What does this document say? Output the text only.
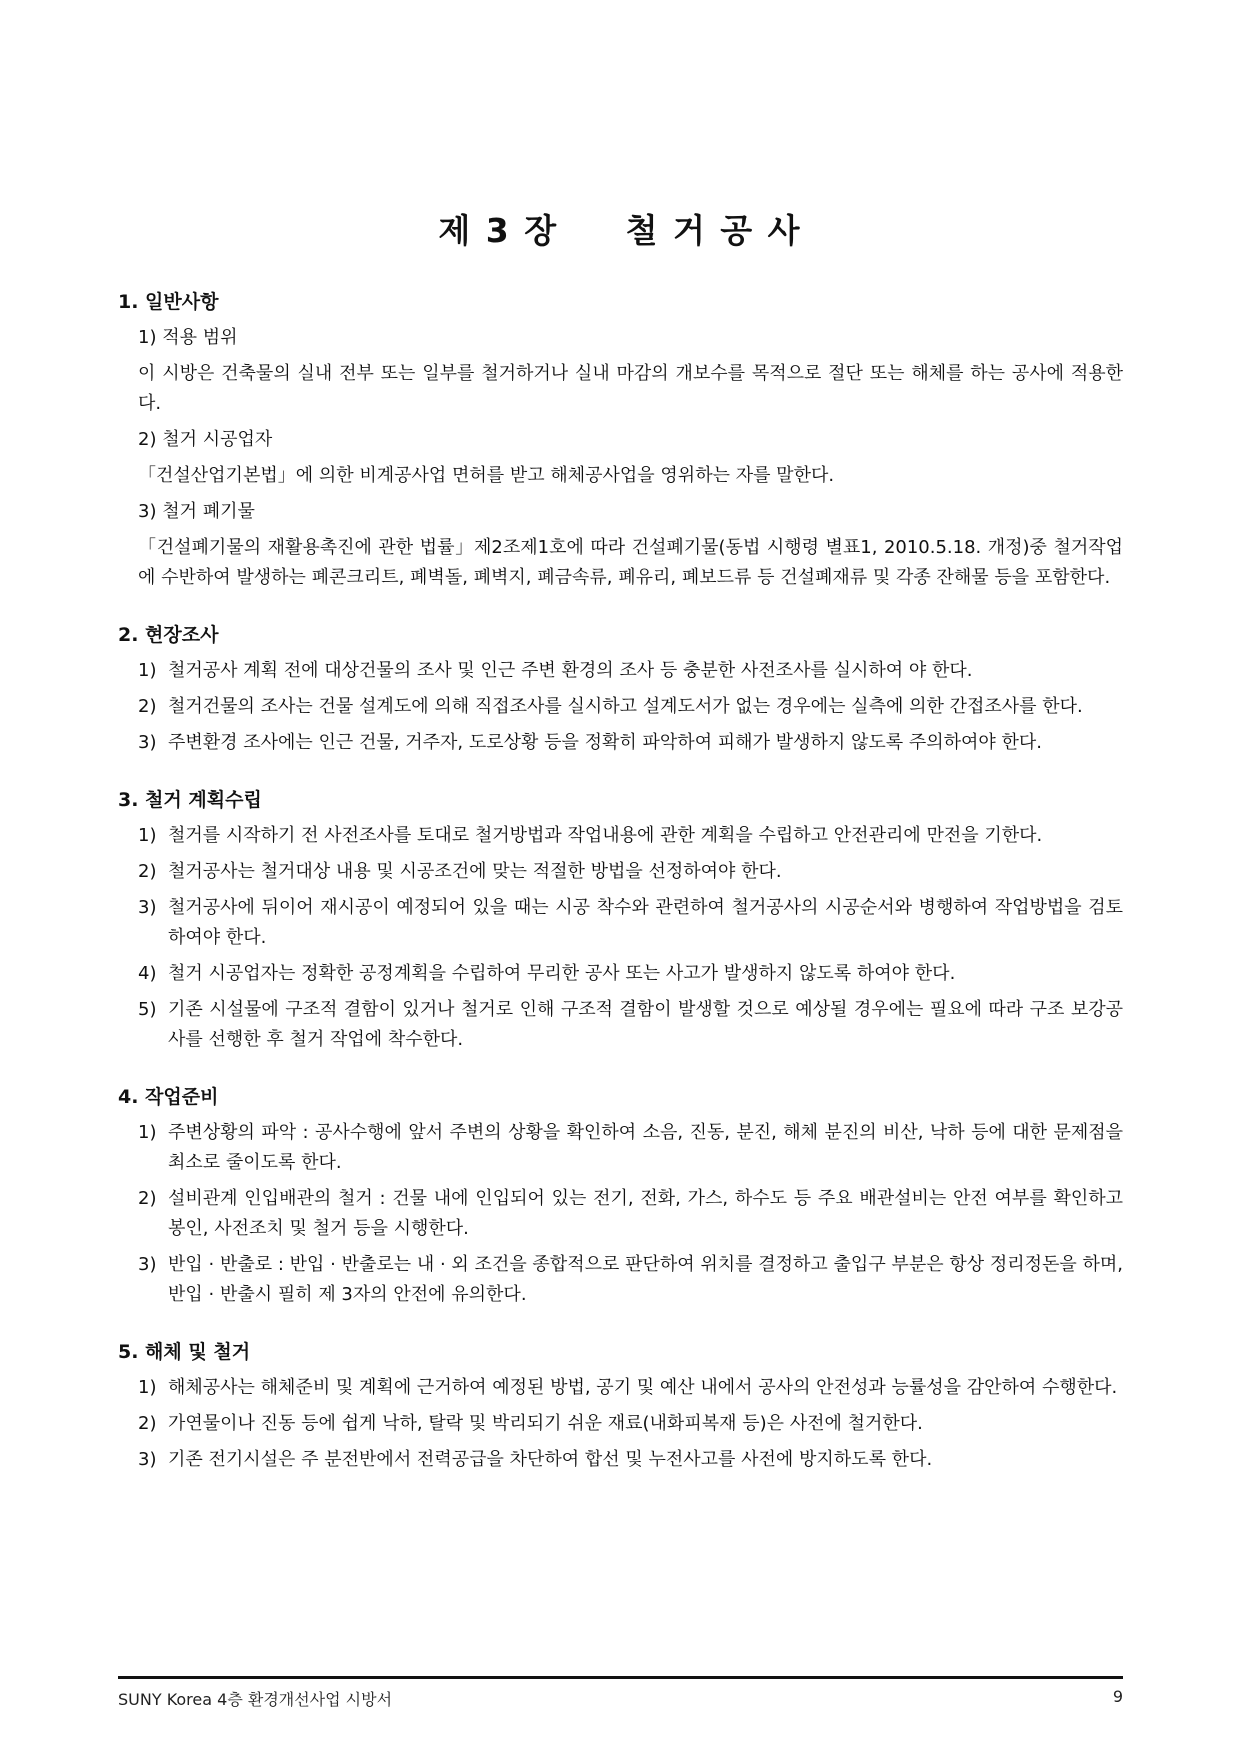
제 3 장 철 거 공 사
1. 일반사항
1) 적용 범위
이 시방은 건축물의 실내 전부 또는 일부를 철거하거나 실내 마감의 개보수를 목적으로 절단 또는 해체를 하는 공사에 적용한다.
2) 철거 시공업자
「건설산업기본법」에 의한 비계공사업 면허를 받고 해체공사업을 영위하는 자를 말한다.
3) 철거 폐기물
「건설폐기물의 재활용촉진에 관한 법률」제2조제1호에 따라 건설폐기물(동법 시행령 별표1, 2010.5.18. 개정)중 철거작업에 수반하여 발생하는 폐콘크리트, 폐벽돌, 폐벽지, 폐금속류, 폐유리, 폐보드류 등 건설폐재류 및 각종 잔해물 등을 포함한다.
2. 현장조사
1) 철거공사 계획 전에 대상건물의 조사 및 인근 주변 환경의 조사 등 충분한 사전조사를 실시하여 야 한다.
2) 철거건물의 조사는 건물 설계도에 의해 직접조사를 실시하고 설계도서가 없는 경우에는 실측에 의한 간접조사를 한다.
3) 주변환경 조사에는 인근 건물, 거주자, 도로상황 등을 정확히 파악하여 피해가 발생하지 않도록 주의하여야 한다.
3. 철거 계획수립
1) 철거를 시작하기 전 사전조사를 토대로 철거방법과 작업내용에 관한 계획을 수립하고 안전관리에 만전을 기한다.
2) 철거공사는 철거대상 내용 및 시공조건에 맞는 적절한 방법을 선정하여야 한다.
3) 철거공사에 뒤이어 재시공이 예정되어 있을 때는 시공 착수와 관련하여 철거공사의 시공순서와 병행하여 작업방법을 검토하여야 한다.
4) 철거 시공업자는 정확한 공정계획을 수립하여 무리한 공사 또는 사고가 발생하지 않도록 하여야 한다.
5) 기존 시설물에 구조적 결함이 있거나 철거로 인해 구조적 결함이 발생할 것으로 예상될 경우에는 필요에 따라 구조 보강공사를 선행한 후 철거 작업에 착수한다.
4. 작업준비
1) 주변상황의 파악 : 공사수행에 앞서 주변의 상황을 확인하여 소음, 진동, 분진, 해체 분진의 비산, 낙하 등에 대한 문제점을 최소로 줄이도록 한다.
2) 설비관계 인입배관의 철거 : 건물 내에 인입되어 있는 전기, 전화, 가스, 하수도 등 주요 배관설비는 안전 여부를 확인하고 봉인, 사전조치 및 철거 등을 시행한다.
3) 반입 · 반출로 : 반입 · 반출로는 내 · 외 조건을 종합적으로 판단하여 위치를 결정하고 출입구 부분은 항상 정리정돈을 하며, 반입 · 반출시 필히 제 3자의 안전에 유의한다.
5. 해체 및 철거
1) 해체공사는 해체준비 및 계획에 근거하여 예정된 방법, 공기 및 예산 내에서 공사의 안전성과 능률성을 감안하여 수행한다.
2) 가연물이나 진동 등에 쉽게 낙하, 탈락 및 박리되기 쉬운 재료(내화피복재 등)은 사전에 철거한다.
3) 기존 전기시설은 주 분전반에서 전력공급을 차단하여 합선 및 누전사고를 사전에 방지하도록 한다.
SUNY Korea 4층 환경개선사업 시방서	9
